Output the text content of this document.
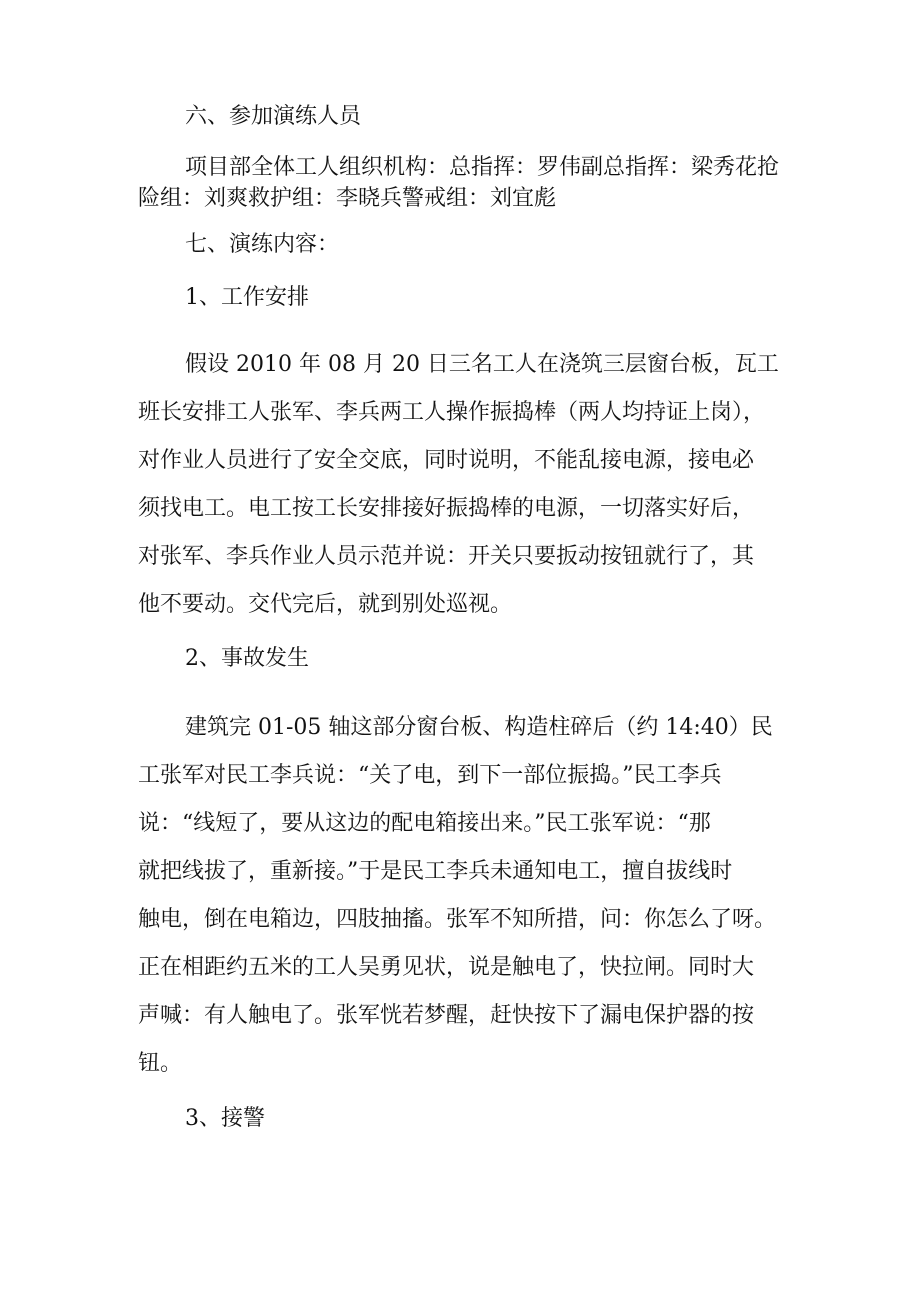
六、参加演练人员

项目部全体工人组织机构：总指挥：罗伟副总指挥：梁秀花抢

险组：刘爽救护组：李晓兵警戒组：刘宜彪

七、演练内容：

1、工作安排

假设 2010 年 08 月 20 日三名工人在浇筑三层窗台板，瓦工

班长安排工人张军、李兵两工人操作振捣棒（两人均持证上岗），

对作业人员进行了安全交底，同时说明，不能乱接电源，接电必

须找电工。电工按工长安排接好振捣棒的电源，一切落实好后，

对张军、李兵作业人员示范并说：开关只要扳动按钮就行了，其

他不要动。交代完后，就到别处巡视。

2、事故发生

建筑完 01-05 轴这部分窗台板、构造柱碎后（约 14:40）民

工张军对民工李兵说：“关了电，到下一部位振捣。”民工李兵

说：“线短了，要从这边的配电箱接出来。”民工张军说：“那

就把线拔了，重新接。”于是民工李兵未通知电工，擅自拔线时

触电，倒在电箱边，四肢抽搐。张军不知所措，问：你怎么了呀。

正在相距约五米的工人吴勇见状，说是触电了，快拉闸。同时大

声喊：有人触电了。张军恍若梦醒，赶快按下了漏电保护器的按

钮。

3、接警
